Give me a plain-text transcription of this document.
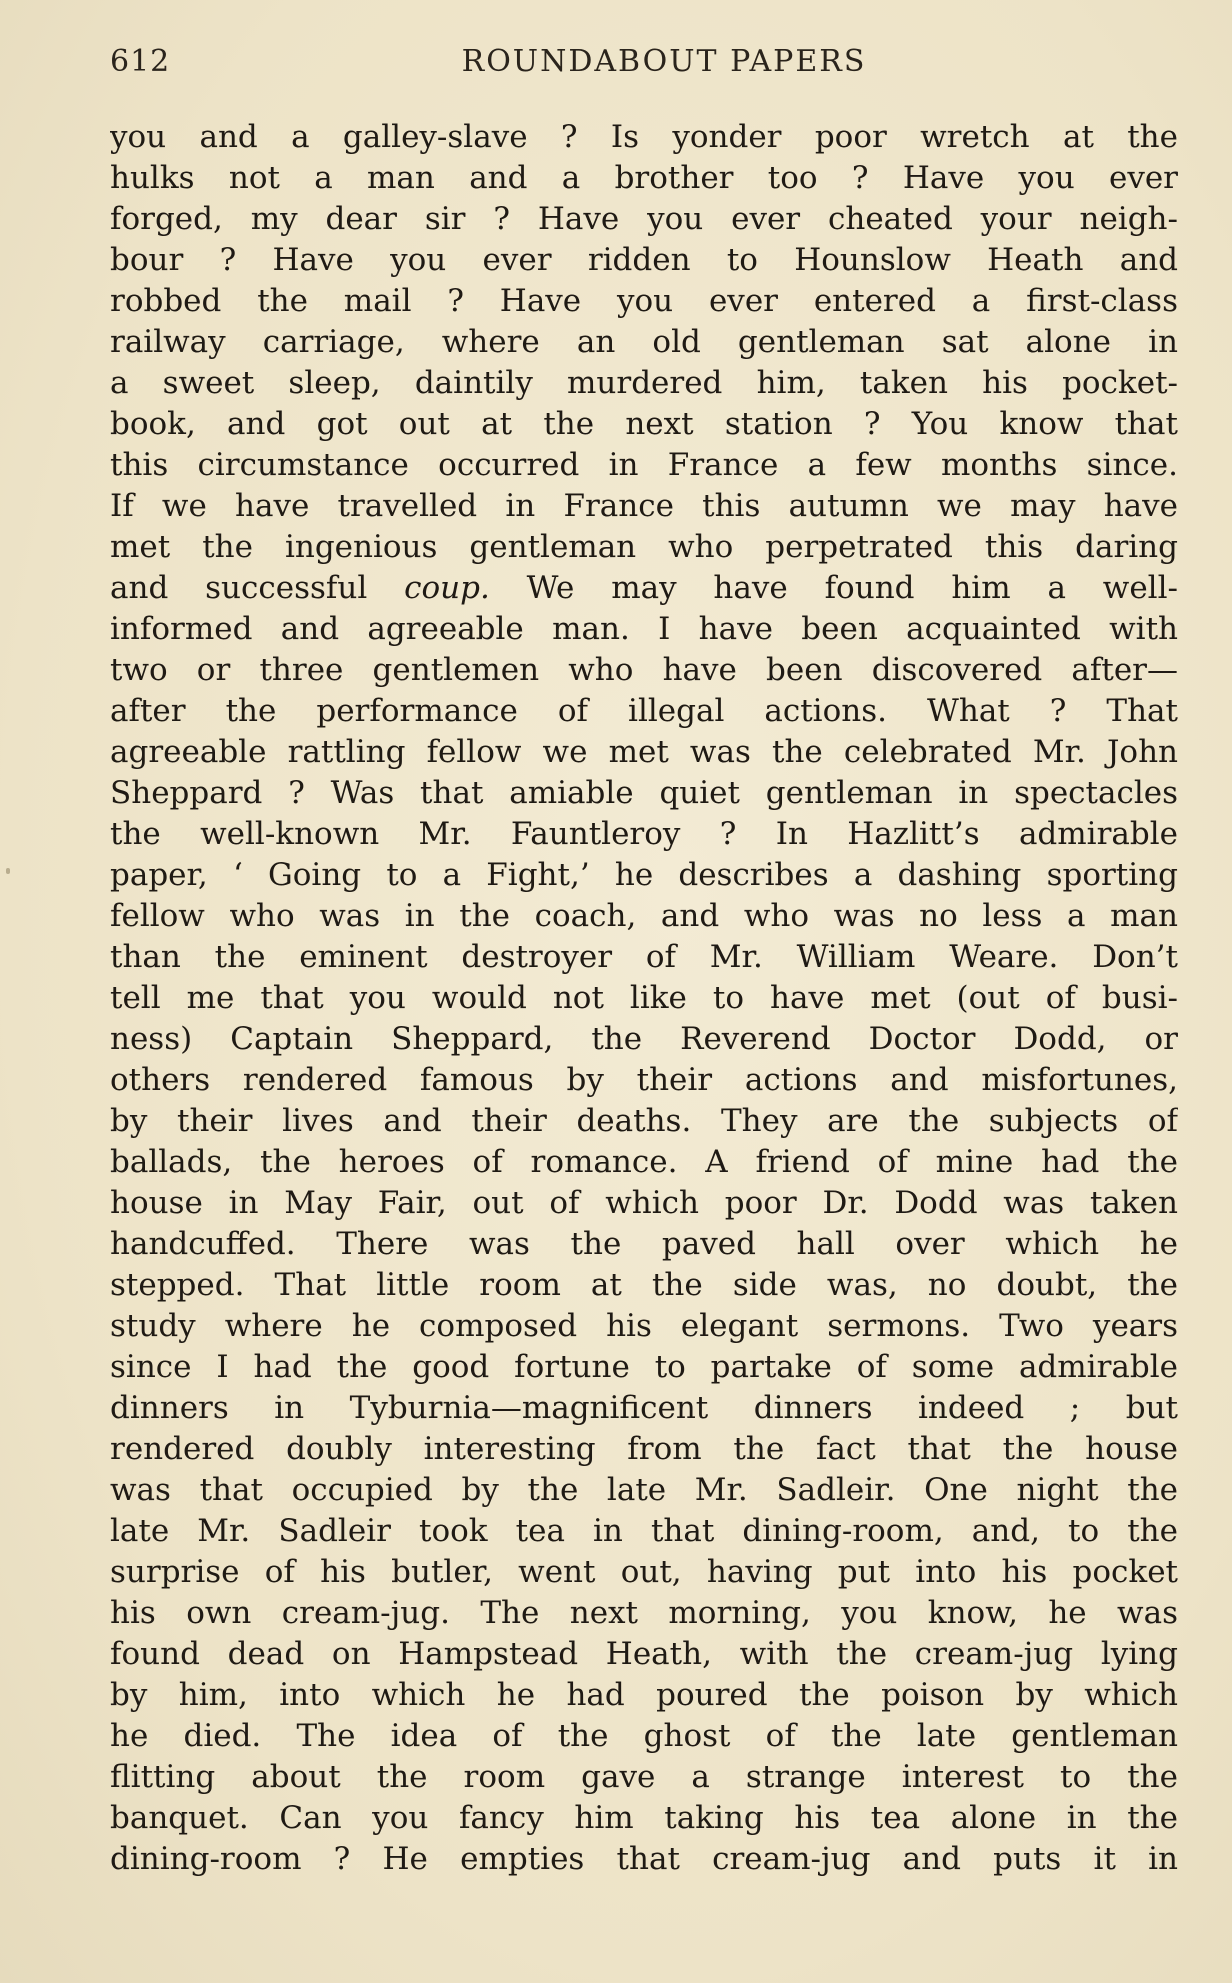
612	ROUNDABOUT PAPERS
you and a galley-slave ? Is yonder poor wretch at the
hulks not a man and a brother too ? Have you ever
forged, my dear sir ? Have you ever cheated your neigh-
bour ? Have you ever ridden to Hounslow Heath and
robbed the mail ? Have you ever entered a first-class
railway carriage, where an old gentleman sat alone in
a sweet sleep, daintily murdered him, taken his pocket-
book, and got out at the next station ? You know that
this circumstance occurred in France a few months since.
If we have travelled in France this autumn we may have
met the ingenious gentleman who perpetrated this daring
and successful coup. We may have found him a well-
informed and agreeable man. I have been acquainted with
two or three gentlemen who have been discovered after—
after the performance of illegal actions. What ? That
agreeable rattling fellow we met was the celebrated Mr. John
Sheppard ? Was that amiable quiet gentleman in spectacles
the well-known Mr. Fauntleroy ? In Hazlitt’s admirable
paper, ‘ Going to a Fight,’ he describes a dashing sporting
fellow who was in the coach, and who was no less a man
than the eminent destroyer of Mr. William Weare. Don’t
tell me that you would not like to have met (out of busi-
ness) Captain Sheppard, the Reverend Doctor Dodd, or
others rendered famous by their actions and misfortunes,
by their lives and their deaths. They are the subjects of
ballads, the heroes of romance. A friend of mine had the
house in May Fair, out of which poor Dr. Dodd was taken
handcuffed. There was the paved hall over which he
stepped. That little room at the side was, no doubt, the
study where he composed his elegant sermons. Two years
since I had the good fortune to partake of some admirable
dinners in Tyburnia—magnificent dinners indeed ; but
rendered doubly interesting from the fact that the house
was that occupied by the late Mr. Sadleir. One night the
late Mr. Sadleir took tea in that dining-room, and, to the
surprise of his butler, went out, having put into his pocket
his own cream-jug. The next morning, you know, he was
found dead on Hampstead Heath, with the cream-jug lying
by him, into which he had poured the poison by which
he died. The idea of the ghost of the late gentleman
flitting about the room gave a strange interest to the
banquet. Can you fancy him taking his tea alone in the
dining-room ? He empties that cream-jug and puts it in
